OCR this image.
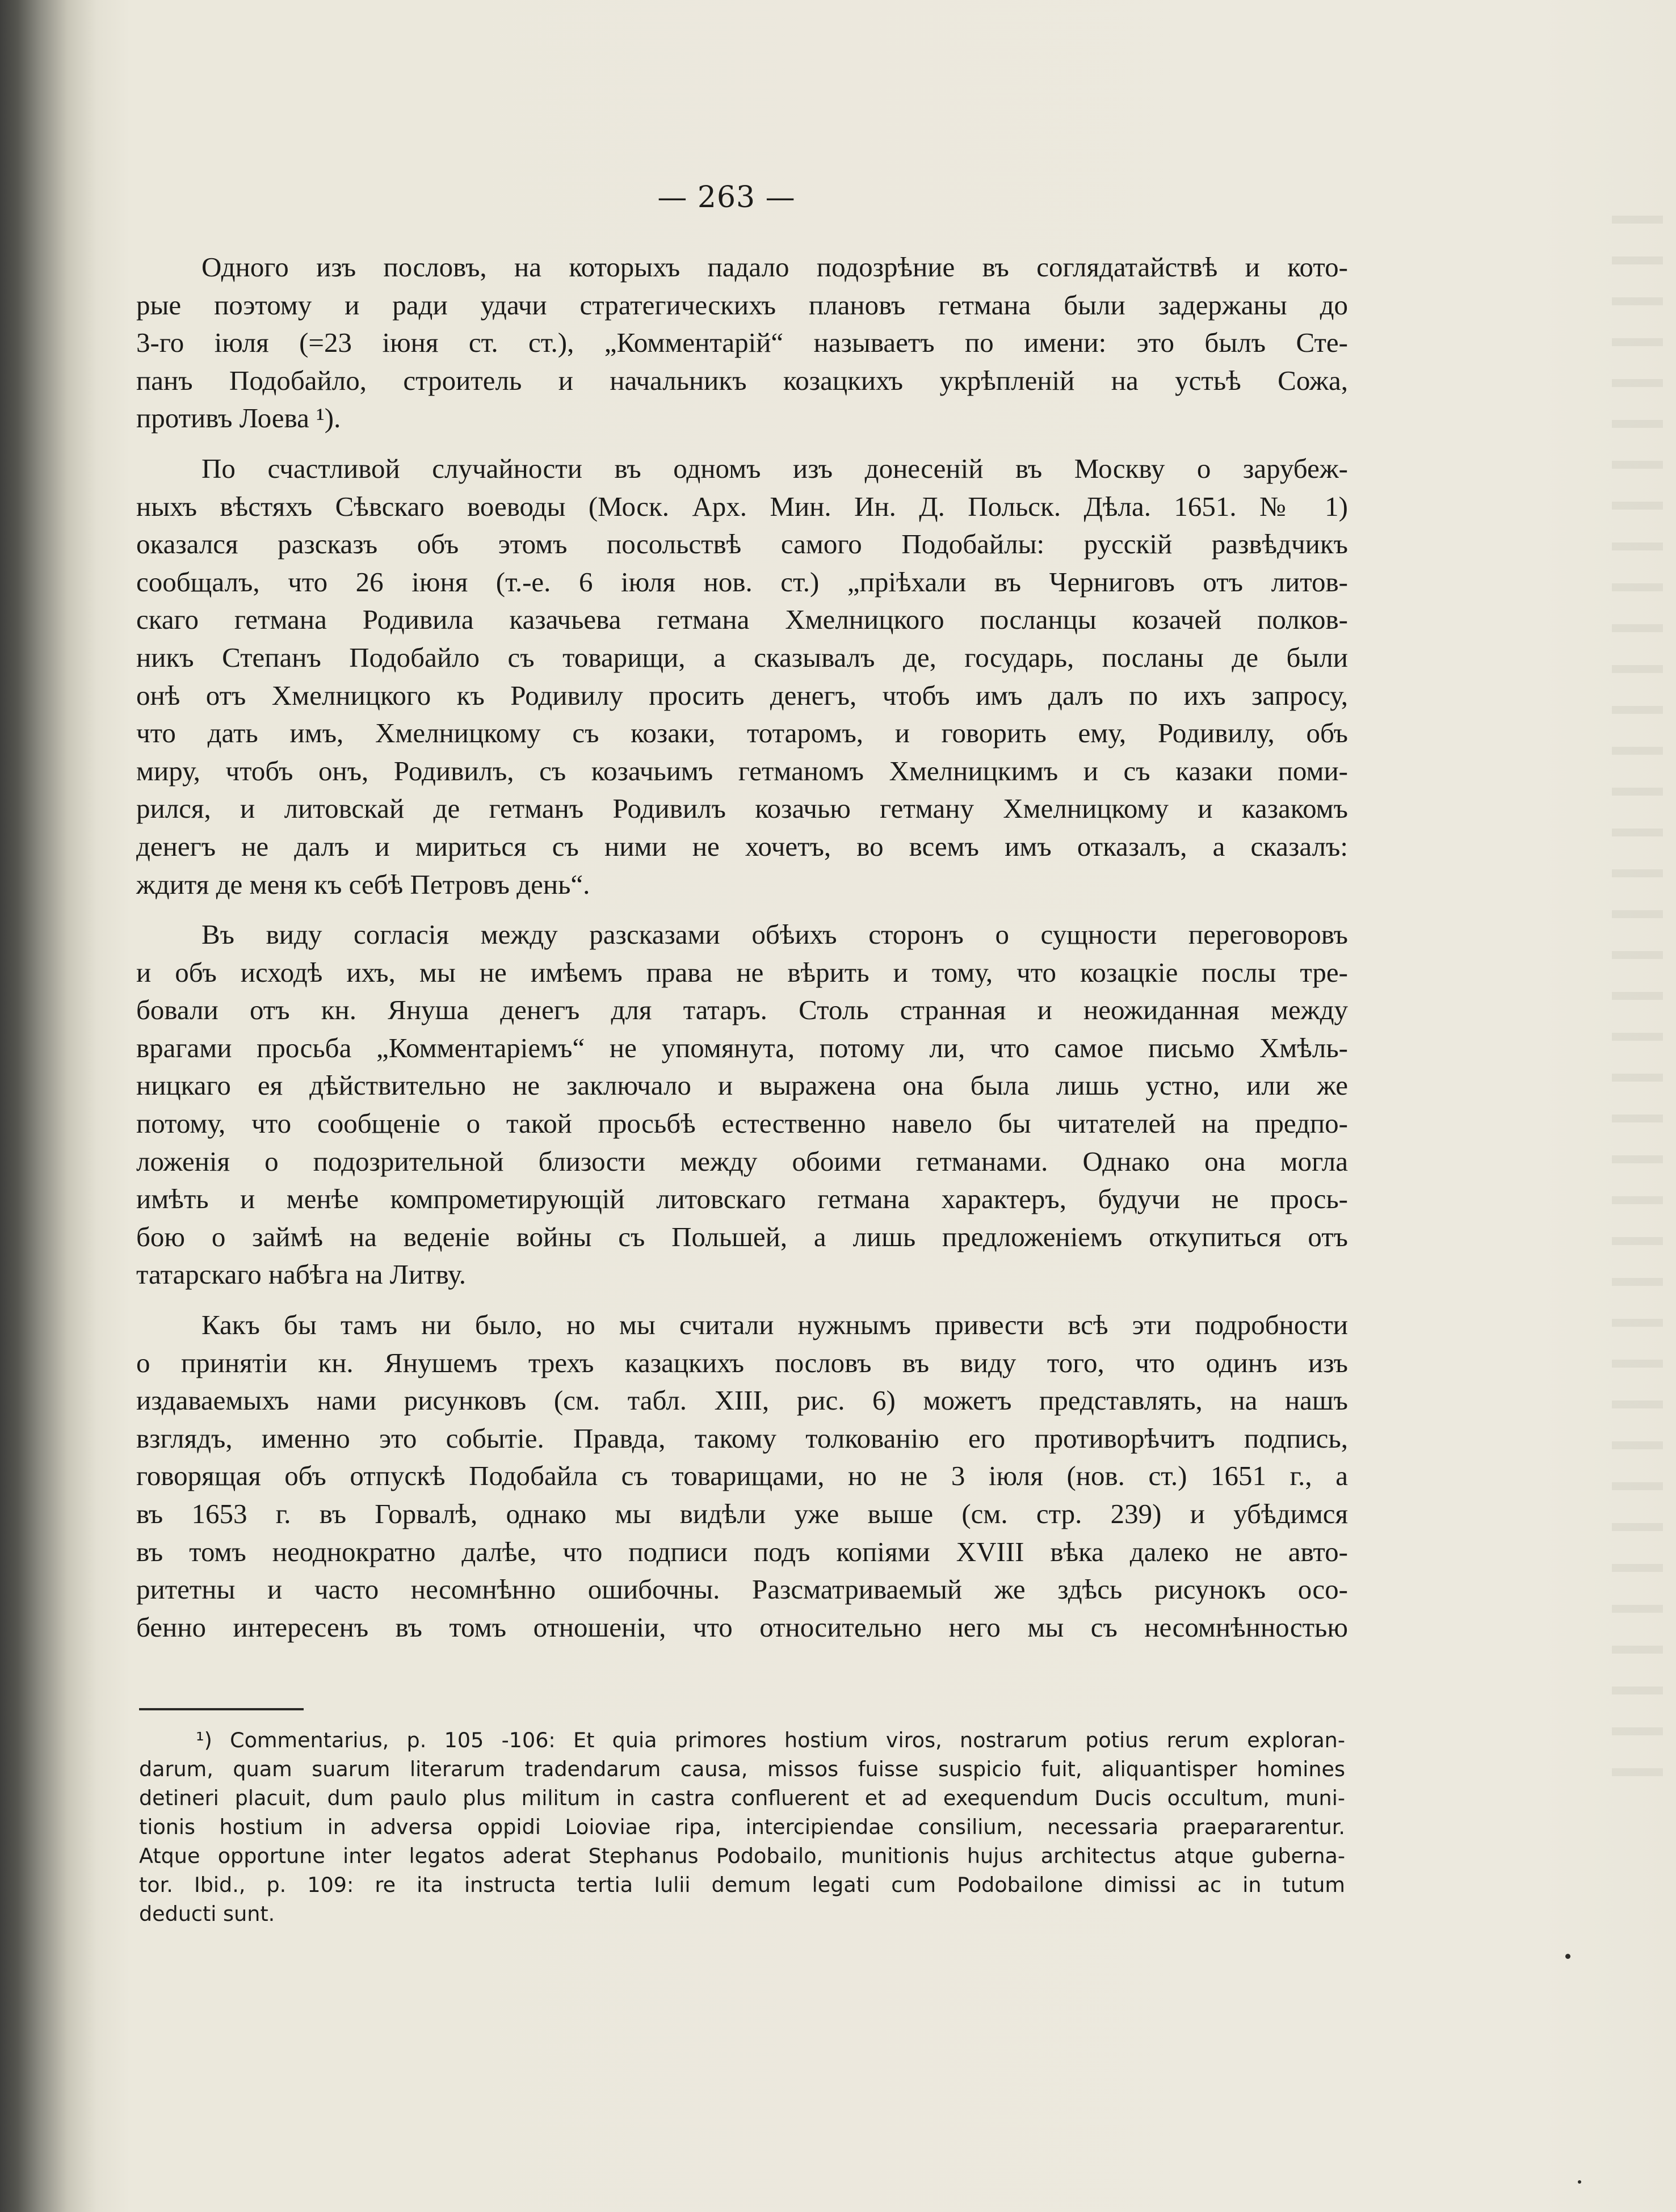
— 263 —

Одного изъ пословъ, на которыхъ падало подозрѣние въ соглядатайствѣ и кото-
рые поэтому и ради удачи стратегическихъ плановъ гетмана были задержаны до
3-го іюля (=23 іюня ст. ст.), „Комментарій“ называетъ по имени: это былъ Сте-
панъ Подобайло, строитель и начальникъ козацкихъ укрѣпленій на устьѣ Сожа,
противъ Лоева ¹).

По счастливой случайности въ одномъ изъ донесеній въ Москву о зарубеж-
ныхъ вѣстяхъ Сѣвскаго воеводы (Моск. Арх. Мин. Ин. Д. Польск. Дѣла. 1651. № 1)
оказался разсказъ объ этомъ посольствѣ самого Подобайлы: русскій развѣдчикъ
сообщалъ, что 26 іюня (т.-е. 6 іюля нов. ст.) „пріѣхали въ Черниговъ отъ литов-
скаго гетмана Родивила казачьева гетмана Хмелницкого посланцы козачей полков-
никъ Степанъ Подобайло съ товарищи, а сказывалъ де, государь, посланы де были
онѣ отъ Хмелницкого къ Родивилу просить денегъ, чтобъ имъ далъ по ихъ запросу,
что дать имъ, Хмелницкому съ козаки, тотаромъ, и говорить ему, Родивилу, объ
миру, чтобъ онъ, Родивилъ, съ козачьимъ гетманомъ Хмелницкимъ и съ казаки поми-
рился, и литовскай де гетманъ Родивилъ козачью гетману Хмелницкому и казакомъ
денегъ не далъ и мириться съ ними не хочетъ, во всемъ имъ отказалъ, а сказалъ:
ждитя де меня къ себѣ Петровъ день“.

Въ виду согласія между разсказами обѣихъ сторонъ о сущности переговоровъ
и объ исходѣ ихъ, мы не имѣемъ права не вѣрить и тому, что козацкіе послы тре-
бовали отъ кн. Януша денегъ для татаръ. Столь странная и неожиданная между
врагами просьба „Комментаріемъ“ не упомянута, потому ли, что самое письмо Хмѣль-
ницкаго ея дѣйствительно не заключало и выражена она была лишь устно, или же
потому, что сообщеніе о такой просьбѣ естественно навело бы читателей на предпо-
ложенія о подозрительной близости между обоими гетманами. Однако она могла
имѣть и менѣе компрометирующій литовскаго гетмана характеръ, будучи не прось-
бою о займѣ на веденіе войны съ Польшей, а лишь предложеніемъ откупиться отъ
татарскаго набѣга на Литву.

Какъ бы тамъ ни было, но мы считали нужнымъ привести всѣ эти подробности
о принятіи кн. Янушемъ трехъ казацкихъ пословъ въ виду того, что одинъ изъ
издаваемыхъ нами рисунковъ (см. табл. XIII, рис. 6) можетъ представлять, на нашъ
взглядъ, именно это событіе. Правда, такому толкованію его противорѣчитъ подпись,
говорящая объ отпускѣ Подобайла съ товарищами, но не 3 іюля (нов. ст.) 1651 г., а
въ 1653 г. въ Горвалѣ, однако мы видѣли уже выше (см. стр. 239) и убѣдимся
въ томъ неоднократно далѣе, что подписи подъ копіями XVIII вѣка далеко не авто-
ритетны и часто несомнѣнно ошибочны. Разсматриваемый же здѣсь рисунокъ осо-
бенно интересенъ въ томъ отношеніи, что относительно него мы съ несомнѣнностью

¹) Commentarius, p. 105 -106: Et quia primores hostium viros, nostrarum potius rerum exploran-
darum, quam suarum literarum tradendarum causa, missos fuisse suspicio fuit, aliquantisper homines
detineri placuit, dum paulo plus militum in castra confluerent et ad exequendum Ducis occultum, muni-
tionis hostium in adversa oppidi Loioviae ripa, intercipiendae consilium, necessaria praepararentur.
Atque opportune inter legatos aderat Stephanus Podobailo, munitionis hujus architectus atque guberna-
tor. Ibid., p. 109: re ita instructa tertia Iulii demum legati cum Podobailone dimissi ac in tutum
deducti sunt.
